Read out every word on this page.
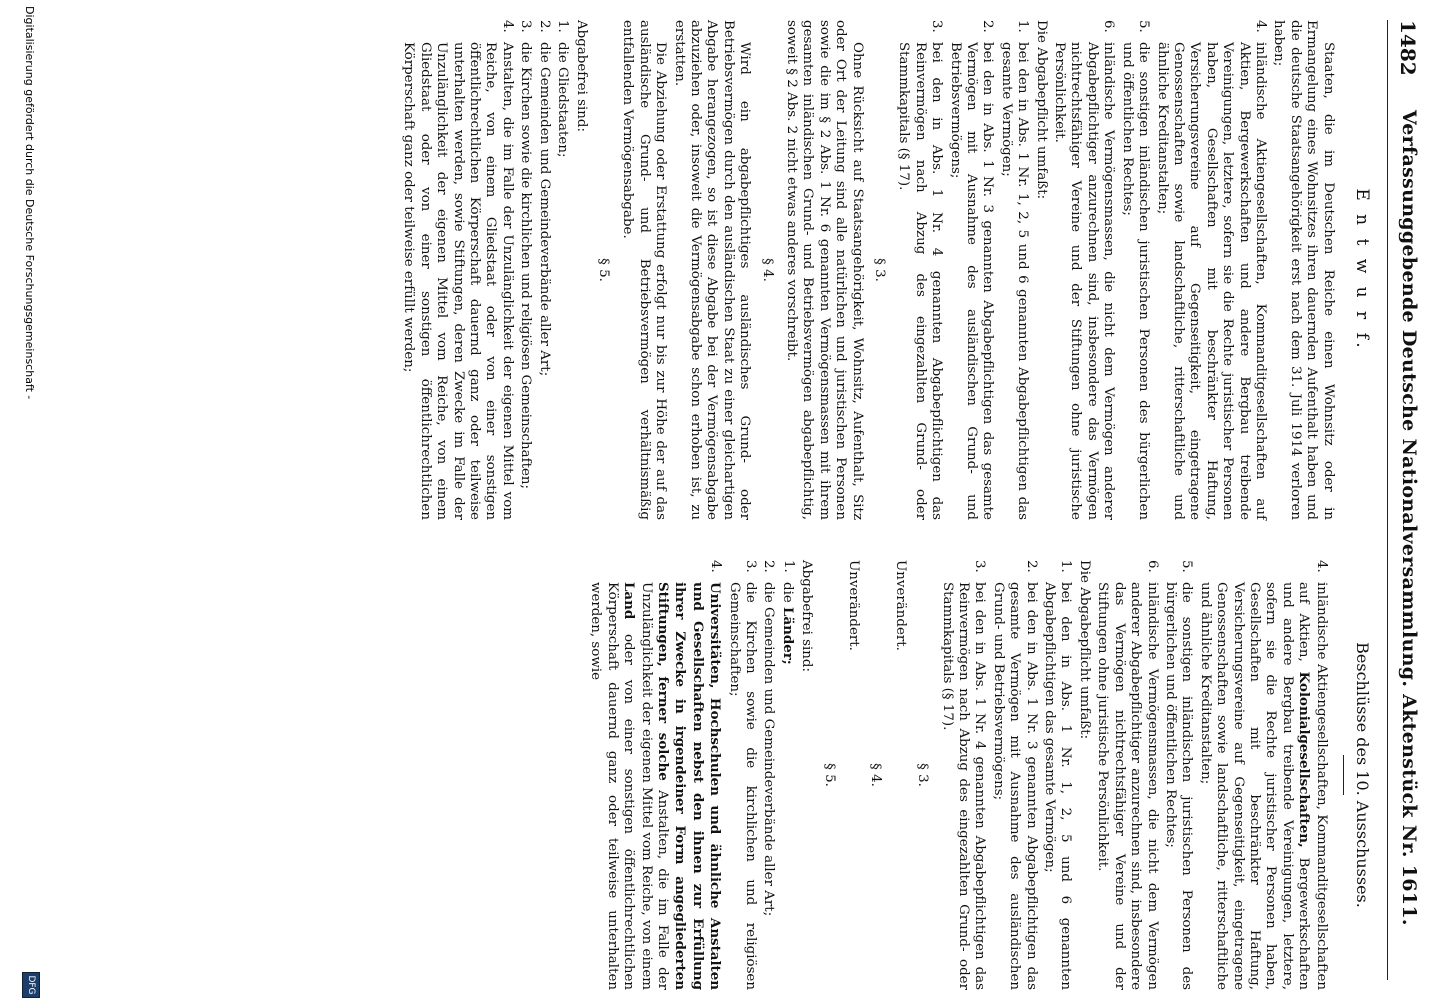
Digitalisierung gefördert durch die Deutsche Forschungsgemeinschaft -
DFG
1482
Verfassunggebende Deutsche Nationalversammlung. Aktenstück Nr. 1611.
E n t w u r f.

Staaten, die im Deutschen Reiche einen Wohnsitz oder in Ermangelung eines Wohnsitzes ihren dauernden Aufenthalt haben und die deutsche Staatsangehörigkeit erst nach dem 31. Juli 1914 verloren haben;

4.
inländische Aktiengesellschaften, Kommanditgesellschaften auf Aktien, Bergewerkschaften und andere Bergbau treibende Vereinigungen, letztere, sofern sie die Rechte juristischer Personen haben, Gesellschaften mit beschränkter Haftung, Versicherungsvereine auf Gegenseitigkeit, eingetragene Genossenschaften sowie landschaftliche, ritterschaftliche und ähnliche Kreditanstalten;
5.
die sonstigen inländischen juristischen Personen des bürgerlichen und öffentlichen Rechtes;
6.
inländische Vermögensmassen, die nicht dem Vermögen anderer Abgabepflichtiger anzurechnen sind, insbesondere das Vermögen nichtrechtsfähiger Vereine und der Stiftungen ohne juristische Persönlichkeit.

Die Abgabepflicht umfaßt:

1.
bei den in Abs. 1 Nr. 1, 2, 5 und 6 genannten Abgabepflichtigen das gesamte Vermögen;
2.
bei den in Abs. 1 Nr. 3 genannten Abgabepflichtigen das gesamte Vermögen mit Ausnahme des ausländischen Grund- und Betriebsvermögens;
3.
bei den in Abs. 1 Nr. 4 genannten Abgabepflichtigen das Reinvermögen nach Abzug des eingezahlten Grund- oder Stammkapitals (§ 17).
§ 3.

Ohne Rücksicht auf Staatsangehörigkeit, Wohnsitz, Aufenthalt, Sitz oder Ort der Leitung sind alle natürlichen und juristischen Personen sowie die im § 2 Abs. 1 Nr. 6 genannten Vermögensmassen mit ihrem gesamten inländischen Grund- und Betriebsvermögen abgabepflichtig, soweit § 2 Abs. 2 nicht etwas anderes vorschreibt.

§ 4.

Wird ein abgabepflichtiges ausländisches Grund- oder Betriebsvermögen durch den ausländischen Staat zu einer gleichartigen Abgabe herangezogen, so ist diese Abgabe bei der Vermögensabgabe abzuziehen oder, insoweit die Vermögensabgabe schon erhoben ist, zu erstatten.

Die Abziehung oder Erstattung erfolgt nur bis zur Höhe der auf das ausländische Grund- und Betriebsvermögen verhältnismäßig entfallenden Vermögensabgabe.

§ 5.

Abgabefrei sind:

1.
die Gliedstaaten;
2.
die Gemeinden und Gemeindeverbände aller Art;
3.
die Kirchen sowie die kirchlichen und religiösen Gemeinschaften;
4.
Anstalten, die im Falle der Unzulänglichkeit der eigenen Mittel vom Reiche, von einem Gliedstaat oder von einer sonstigen öffentlichrechtlichen Körperschaft dauernd ganz oder teilweise unterhalten werden, sowie Stiftungen, deren Zwecke im Falle der Unzulänglichkeit der eigenen Mittel vom Reiche, von einem Gliedstaat oder von einer sonstigen öffentlichrechtlichen Körperschaft ganz oder teilweise erfüllt werden;
Beschlüsse des 10. Ausschusses.
4.
inländische Aktiengesellschaften, Kommanditgesellschaften auf Aktien, Kolonialgesellschaften, Bergewerkschaften und andere Bergbau treibende Vereinigungen, letztere, sofern sie die Rechte juristischer Personen haben, Gesellschaften mit beschränkter Haftung, Versicherungsvereine auf Gegenseitigkeit, eingetragene Genossenschaften sowie landschaftliche, ritterschaftliche und ähnliche Kreditanstalten;
5.
die sonstigen inländischen juristischen Personen des bürgerlichen und öffentlichen Rechtes;
6.
inländische Vermögensmassen, die nicht dem Vermögen anderer Abgabepflichtiger anzurechnen sind, insbesondere das Vermögen nichtrechtsfähiger Vereine und der Stiftungen ohne juristische Persönlichkeit.

Die Abgabepflicht umfaßt:

1.
bei den in Abs. 1 Nr. 1, 2, 5 und 6 genannten Abgabepflichtigen das gesamte Vermögen;
2.
bei den in Abs. 1 Nr. 3 genannten Abgabepflichtigen das gesamte Vermögen mit Ausnahme des ausländischen Grund- und Betriebsvermögens;
3.
bei den in Abs. 1 Nr. 4 genannten Abgabepflichtigen das Reinvermögen nach Abzug des eingezahlten Grund- oder Stammkapitals (§ 17).
§ 3.

Unverändert.

§ 4.

Unverändert.

§ 5.

Abgabefrei sind:

1.
die Länder;
2.
die Gemeinden und Gemeindeverbände aller Art;
3.
die Kirchen sowie die kirchlichen und religiösen Gemeinschaften;
4.
Universitäten, Hochschulen und ähnliche Anstalten und Gesellschaften nebst den ihnen zur Erfüllung ihrer Zwecke in irgendeiner Form angegliederten Stiftungen, ferner solche Anstalten, die im Falle der Unzulänglichkeit der eigenen Mittel vom Reiche, von einem Land oder von einer sonstigen öffentlichrechtlichen Körperschaft dauernd ganz oder teilweise unterhalten werden, sowie
